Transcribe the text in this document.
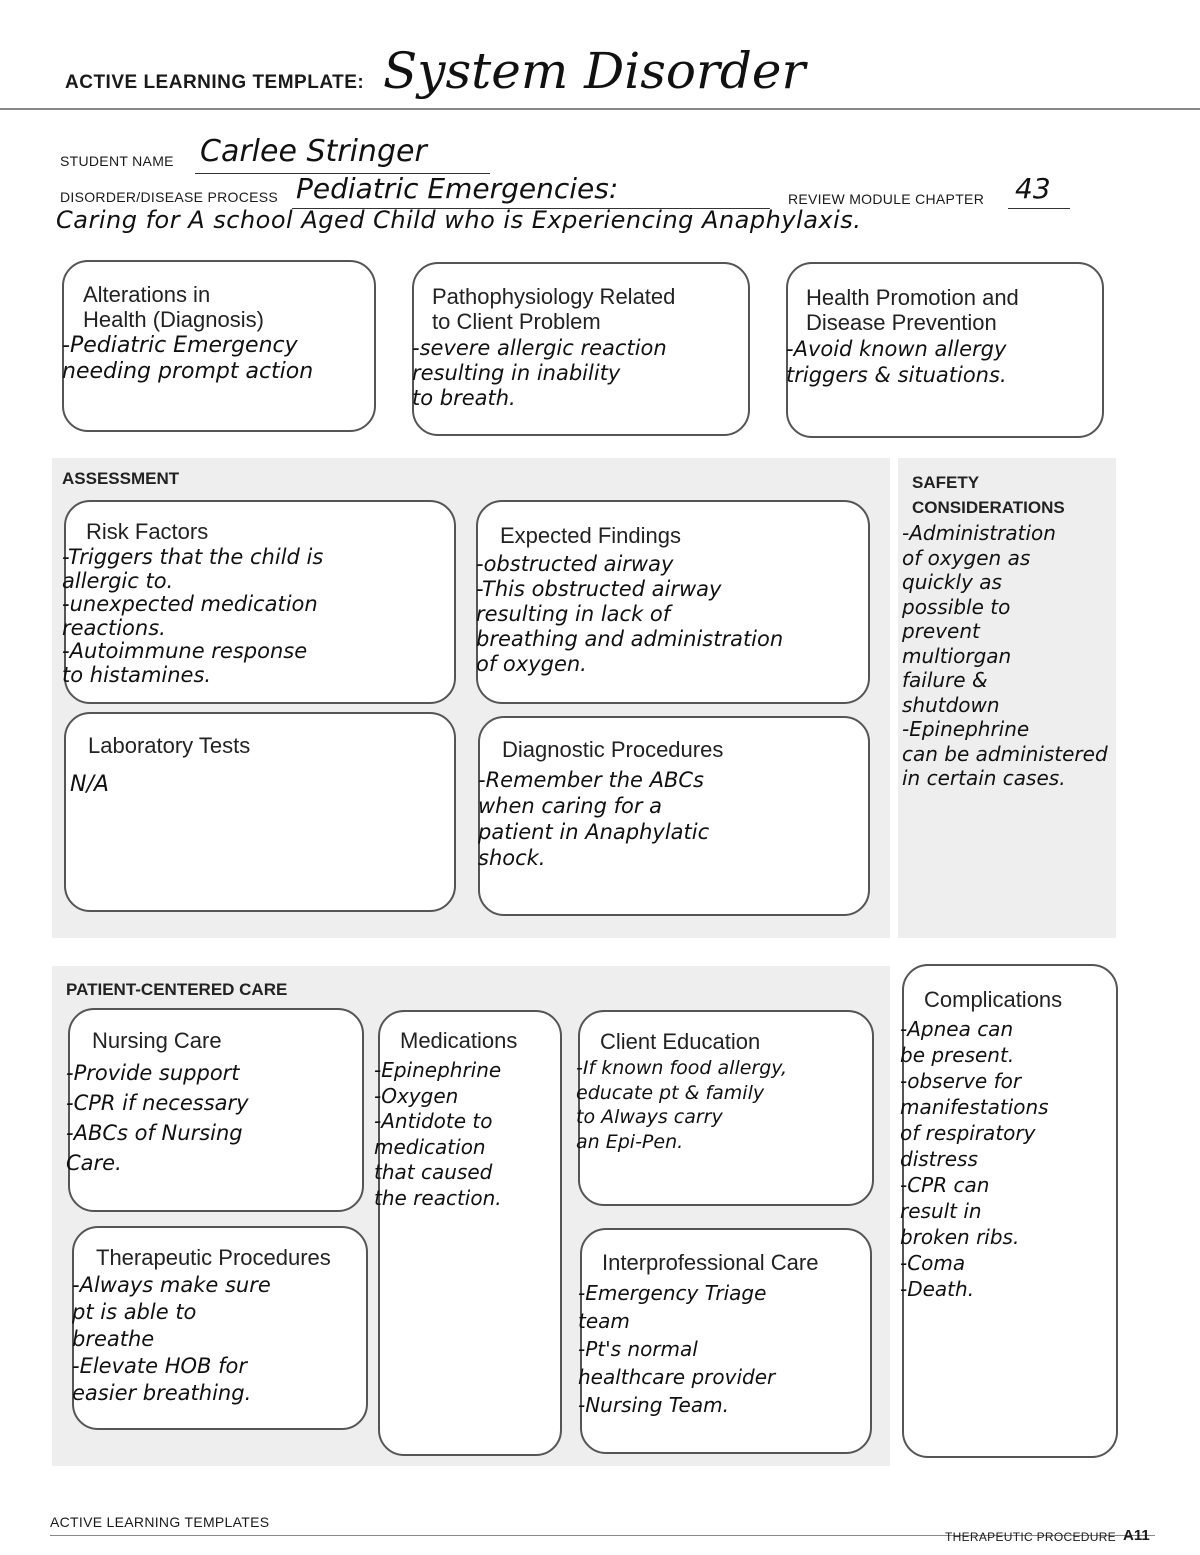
ACTIVE LEARNING TEMPLATE: System Disorder
STUDENT NAME Carlee Stringer
DISORDER/DISEASE PROCESS Pediatric Emergencies:	REVIEW MODULE CHAPTER 43
Caring for A school Aged Child who is Experiencing Anaphylaxis.
Alterations in
Health (Diagnosis)
-Pediatric Emergency
needing prompt action
Pathophysiology Related
to Client Problem
-severe allergic reaction
resulting in inability
to breath.
Health Promotion and
Disease Prevention
-Avoid known allergy
triggers & situations.
ASSESSMENT	SAFETY
CONSIDERATIONS
Risk Factors
-Triggers that the child is
allergic to.
-unexpected medication
reactions.
-Autoimmune response
to histamines.
Expected Findings
-obstructed airway
-This obstructed airway
resulting in lack of
breathing and administration
of oxygen.
Laboratory Tests
N/A
Diagnostic Procedures
-Remember the ABCs
when caring for a
patient in Anaphylatic
shock.
-Administration
of oxygen as
quickly as
possible to
prevent
multiorgan
failure &
shutdown
-Epinephrine
can be administered
in certain cases.
PATIENT-CENTERED CARE
Nursing Care
-Provide support
-CPR if necessary
-ABCs of Nursing
Care.
Medications
-Epinephrine
-Oxygen
-Antidote to
medication
that caused
the reaction.
Client Education
-If known food allergy,
educate pt & family
to Always carry
an Epi-Pen.
Therapeutic Procedures
-Always make sure
pt is able to
breathe
-Elevate HOB for
easier breathing.
Interprofessional Care
-Emergency Triage
team
-Pt's normal
healthcare provider
-Nursing Team.
Complications
-Apnea can
be present.
-observe for
manifestations
of respiratory
distress
-CPR can
result in
broken ribs.
-Coma
-Death.
ACTIVE LEARNING TEMPLATES
THERAPEUTIC PROCEDURE A11
